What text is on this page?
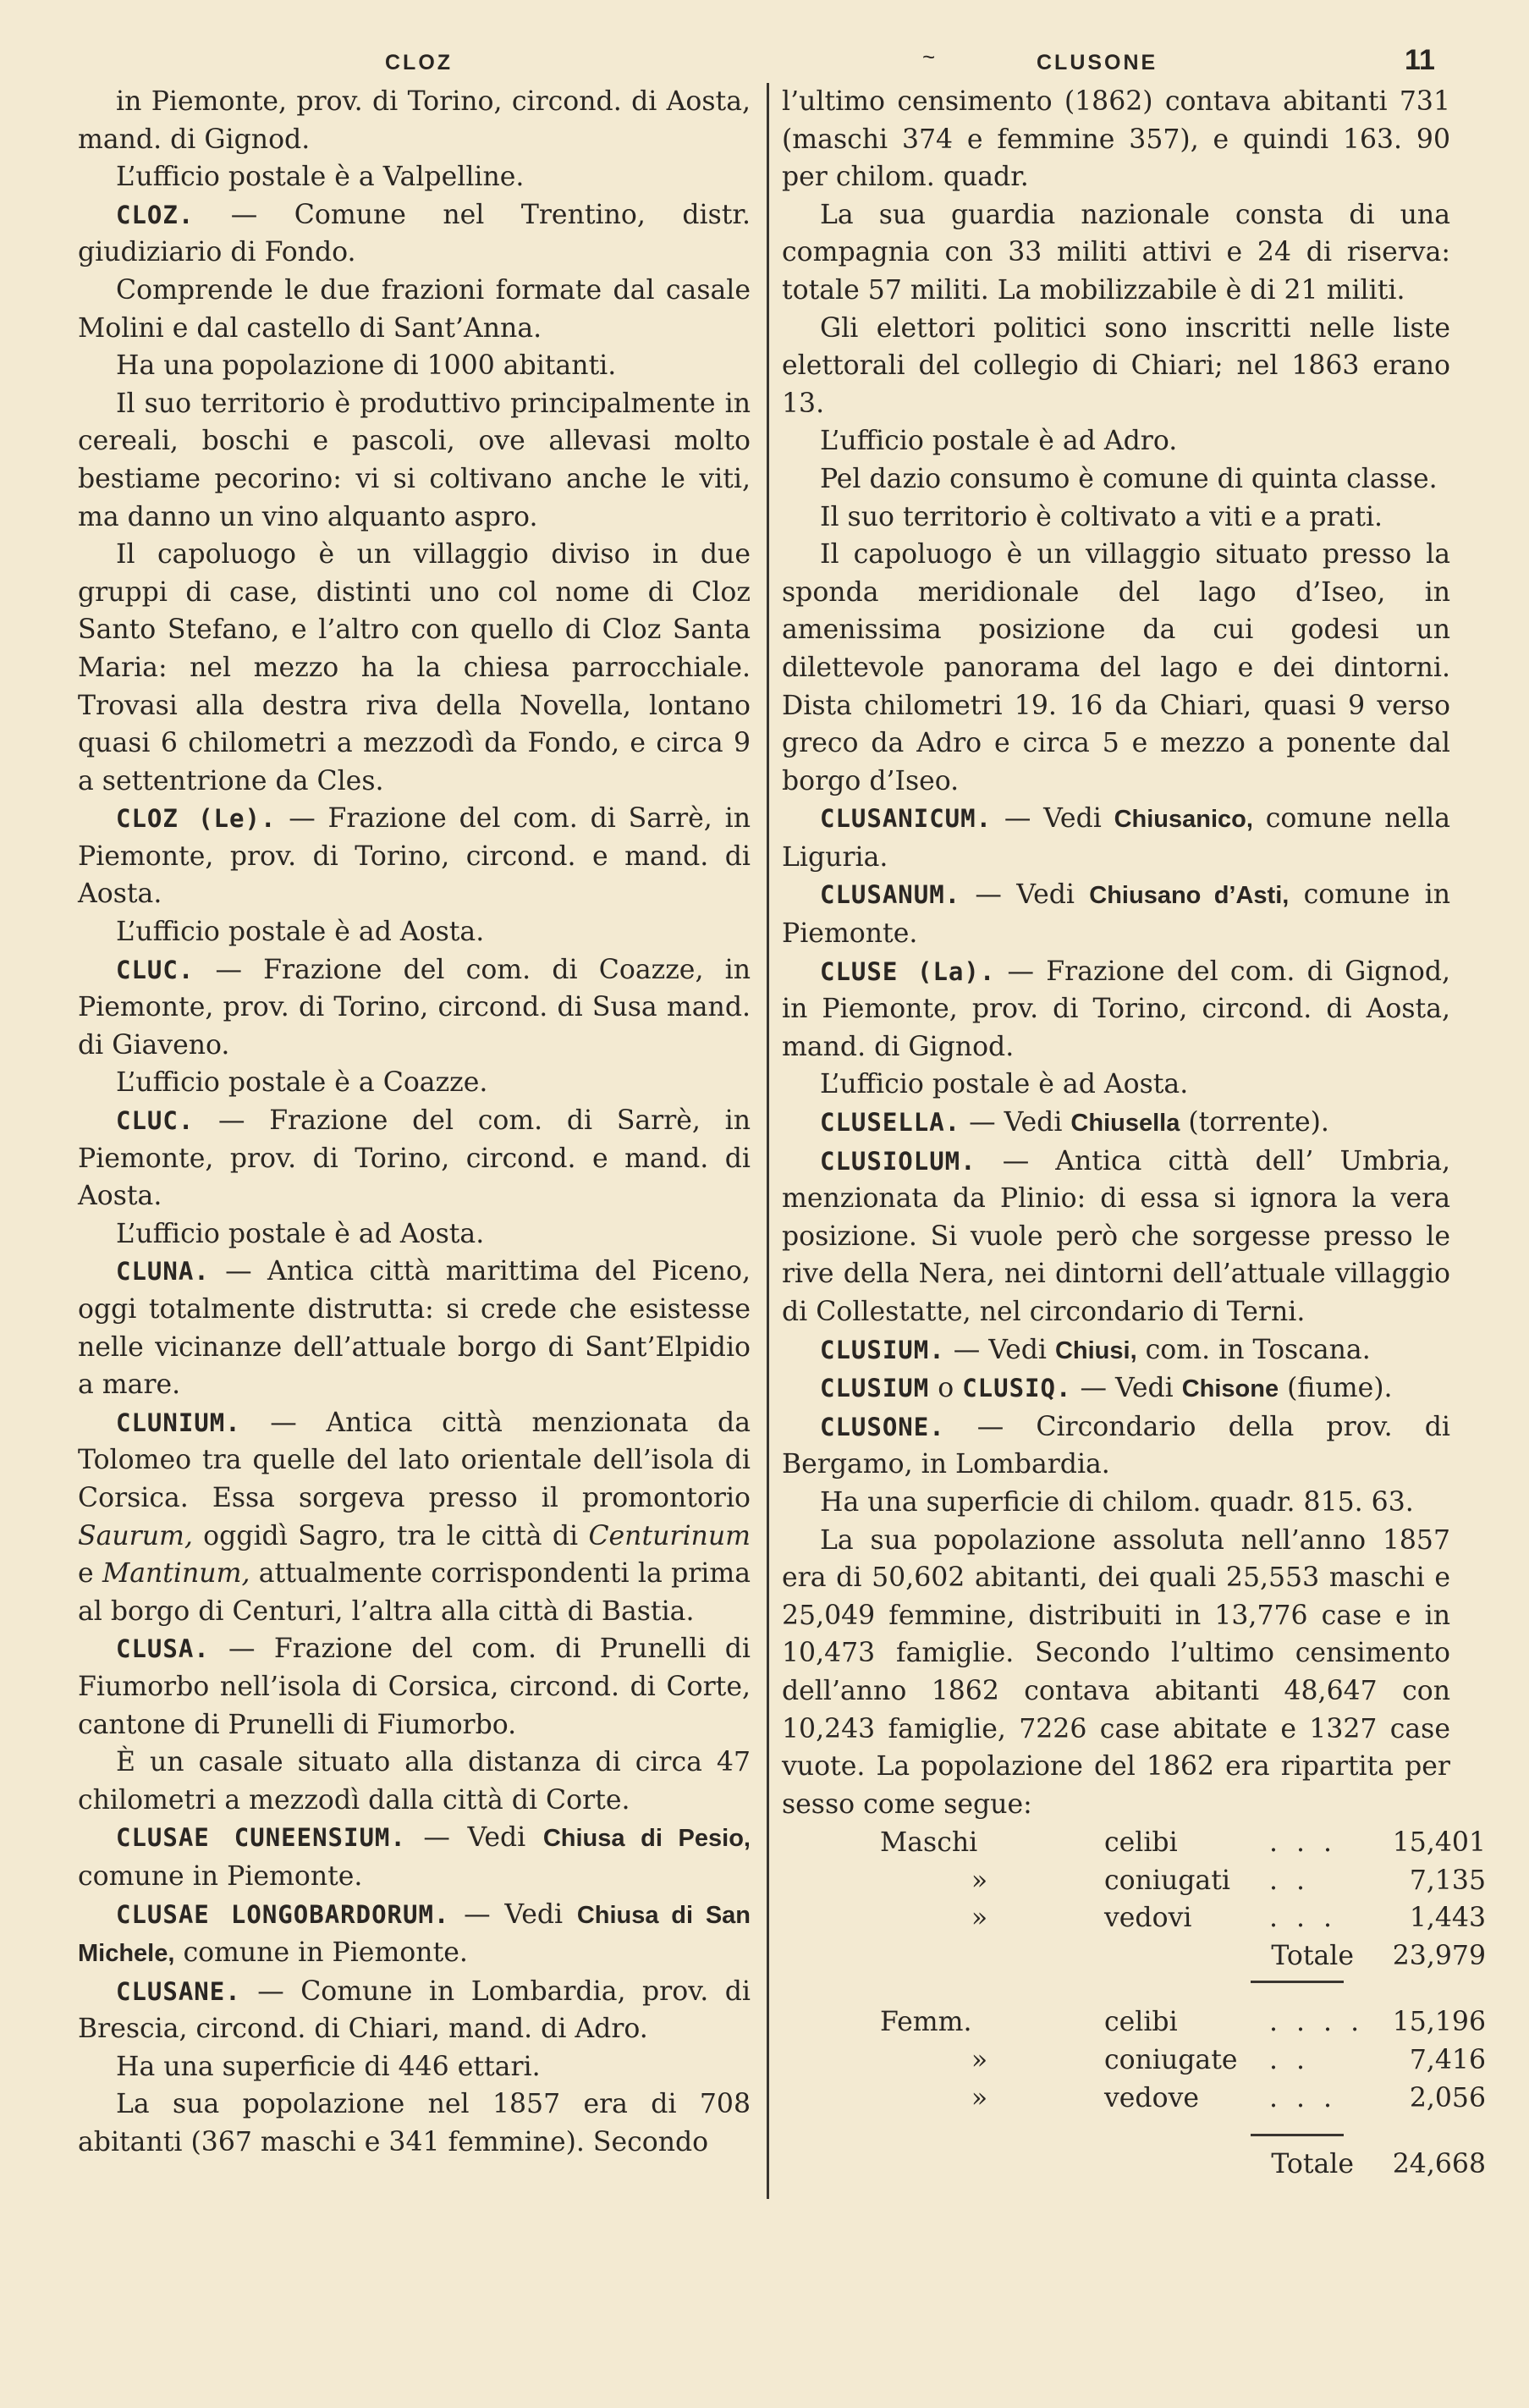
CLOZ	~	CLUSONE	11

in Piemonte, prov. di Torino, circond. di Aosta, mand. di Gignod.

L’ufficio postale è a Valpelline.

CLOZ. — Comune nel Trentino, distr. giudiziario di Fondo.

Comprende le due frazioni formate dal casale Molini e dal castello di Sant’Anna.

Ha una popolazione di 1000 abitanti.

Il suo territorio è produttivo principalmente in cereali, boschi e pascoli, ove allevasi molto bestiame pecorino: vi si coltivano anche le viti, ma danno un vino alquanto aspro.

Il capoluogo è un villaggio diviso in due gruppi di case, distinti uno col nome di Cloz Santo Stefano, e l’altro con quello di Cloz Santa Maria: nel mezzo ha la chiesa parrocchiale. Trovasi alla destra riva della Novella, lontano quasi 6 chilometri a mezzodì da Fondo, e circa 9 a settentrione da Cles.

CLOZ (Le). — Frazione del com. di Sarrè, in Piemonte, prov. di Torino, circond. e mand. di Aosta.

L’ufficio postale è ad Aosta.

CLUC. — Frazione del com. di Coazze, in Piemonte, prov. di Torino, circond. di Susa mand. di Giaveno.

L’ufficio postale è a Coazze.

CLUC. — Frazione del com. di Sarrè, in Piemonte, prov. di Torino, circond. e mand. di Aosta.

L’ufficio postale è ad Aosta.

CLUNA. — Antica città marittima del Piceno, oggi totalmente distrutta: si crede che esistesse nelle vicinanze dell’attuale borgo di Sant’Elpidio a mare.

CLUNIUM. — Antica città menzionata da Tolomeo tra quelle del lato orientale dell’isola di Corsica. Essa sorgeva presso il promontorio Saurum, oggidì Sagro, tra le città di Centurinum e Mantinum, attualmente corrispondenti la prima al borgo di Centuri, l’altra alla città di Bastia.

CLUSA. — Frazione del com. di Prunelli di Fiumorbo nell’isola di Corsica, circond. di Corte, cantone di Prunelli di Fiumorbo.

È un casale situato alla distanza di circa 47 chilometri a mezzodì dalla città di Corte.

CLUSAE CUNEENSIUM. — Vedi Chiusa di Pesio, comune in Piemonte.

CLUSAE LONGOBARDORUM. — Vedi Chiusa di San Michele, comune in Piemonte.

CLUSANE. — Comune in Lombardia, prov. di Brescia, circond. di Chiari, mand. di Adro.

Ha una superficie di 446 ettari.

La sua popolazione nel 1857 era di 708 abitanti (367 maschi e 341 femmine). Secondo

l’ultimo censimento (1862) contava abitanti 731 (maschi 374 e femmine 357), e quindi 163. 90 per chilom. quadr.

La sua guardia nazionale consta di una compagnia con 33 militi attivi e 24 di riserva: totale 57 militi. La mobilizzabile è di 21 militi.

Gli elettori politici sono inscritti nelle liste elettorali del collegio di Chiari; nel 1863 erano 13.

L’ufficio postale è ad Adro.

Pel dazio consumo è comune di quinta classe.

Il suo territorio è coltivato a viti e a prati.

Il capoluogo è un villaggio situato presso la sponda meridionale del lago d’Iseo, in amenissima posizione da cui godesi un dilettevole panorama del lago e dei dintorni. Dista chilometri 19. 16 da Chiari, quasi 9 verso greco da Adro e circa 5 e mezzo a ponente dal borgo d’Iseo.

CLUSANICUM. — Vedi Chiusanico, comune nella Liguria.

CLUSANUM. — Vedi Chiusano d’Asti, comune in Piemonte.

CLUSE (La). — Frazione del com. di Gignod, in Piemonte, prov. di Torino, circond. di Aosta, mand. di Gignod.

L’ufficio postale è ad Aosta.

CLUSELLA. — Vedi Chiusella (torrente).

CLUSIOLUM. — Antica città dell’ Umbria, menzionata da Plinio: di essa si ignora la vera posizione. Si vuole però che sorgesse presso le rive della Nera, nei dintorni dell’attuale villaggio di Collestatte, nel circondario di Terni.

CLUSIUM. — Vedi Chiusi, com. in Toscana.

CLUSIUM o CLUSIQ. — Vedi Chisone (fiume).

CLUSONE. — Circondario della prov. di Bergamo, in Lombardia.

Ha una superficie di chilom. quadr. 815. 63.

La sua popolazione assoluta nell’anno 1857 era di 50,602 abitanti, dei quali 25,553 maschi e 25,049 femmine, distribuiti in 13,776 case e in 10,473 famiglie. Secondo l’ultimo censimento dell’anno 1862 contava abitanti 48,647 con 10,243 famiglie, 7226 case abitate e 1327 case vuote. La popolazione del 1862 era ripartita per sesso come segue:

Maschi	celibi	. . .	15,401
»	coniugati	. .	7,135
»	vedovi	. . .	1,443
		Totale	23,979

Femm.	celibi	. . . .	15,196
»	coniugate	. .	7,416
»	vedove	. . .	2,056

		Totale	24,668
